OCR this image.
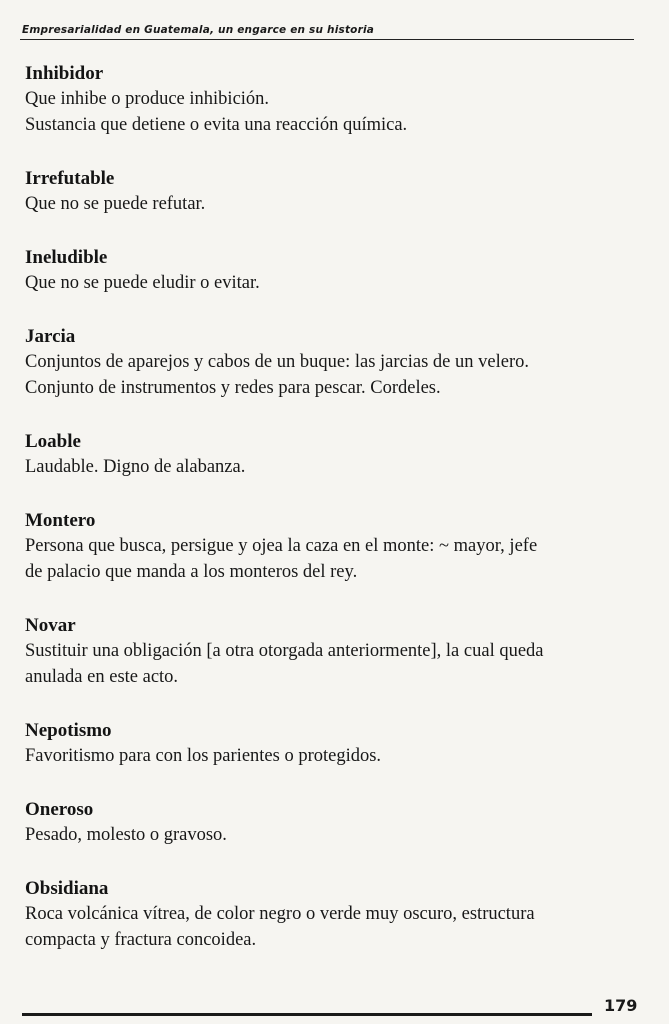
Empresarialidad en Guatemala, un engarce en su historia
Inhibidor
Que inhibe o produce inhibición.
Sustancia que detiene o evita una reacción química.
Irrefutable
Que no se puede refutar.
Ineludible
Que no se puede eludir o evitar.
Jarcia
Conjuntos de aparejos y cabos de un buque: las jarcias de un velero.
Conjunto de instrumentos y redes para pescar. Cordeles.
Loable
Laudable. Digno de alabanza.
Montero
Persona que busca, persigue y ojea la caza en el monte: ~ mayor, jefe
de palacio que manda a los monteros del rey.
Novar
Sustituir una obligación [a otra otorgada anteriormente], la cual queda
anulada en este acto.
Nepotismo
Favoritismo para con los parientes o protegidos.
Oneroso
Pesado, molesto o gravoso.
Obsidiana
Roca volcánica vítrea, de color negro o verde muy oscuro, estructura
compacta y fractura concoidea.
179
